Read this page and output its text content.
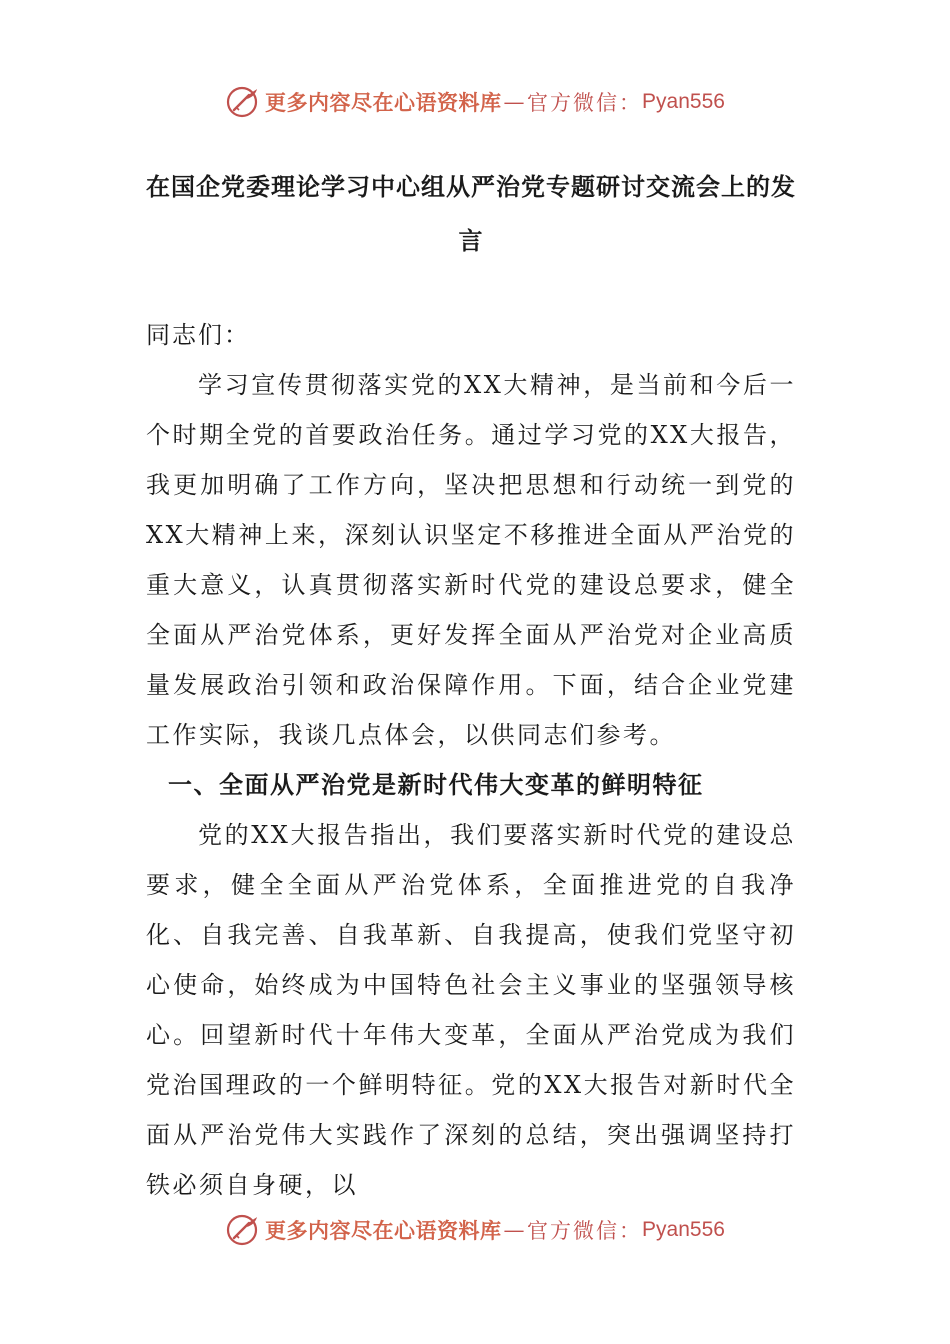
更多内容尽在心语资料库 — 官方微信： Pyan556
在国企党委理论学习中心组从严治党专题研讨交流会上的发言
同志们：

学习宣传贯彻落实党的XX大精神，是当前和今后一个时期全党的首要政治任务。通过学习党的XX大报告，我更加明确了工作方向，坚决把思想和行动统一到党的XX大精神上来，深刻认识坚定不移推进全面从严治党的重大意义，认真贯彻落实新时代党的建设总要求，健全全面从严治党体系，更好发挥全面从严治党对企业高质量发展政治引领和政治保障作用。下面，结合企业党建工作实际，我谈几点体会，以供同志们参考。

一、全面从严治党是新时代伟大变革的鲜明特征

党的XX大报告指出，我们要落实新时代党的建设总要求，健全全面从严治党体系，全面推进党的自我净化、自我完善、自我革新、自我提高，使我们党坚守初心使命，始终成为中国特色社会主义事业的坚强领导核心。回望新时代十年伟大变革，全面从严治党成为我们党治国理政的一个鲜明特征。党的XX大报告对新时代全面从严治党伟大实践作了深刻的总结，突出强调坚持打铁必须自身硬，以

更多内容尽在心语资料库 — 官方微信： Pyan556
